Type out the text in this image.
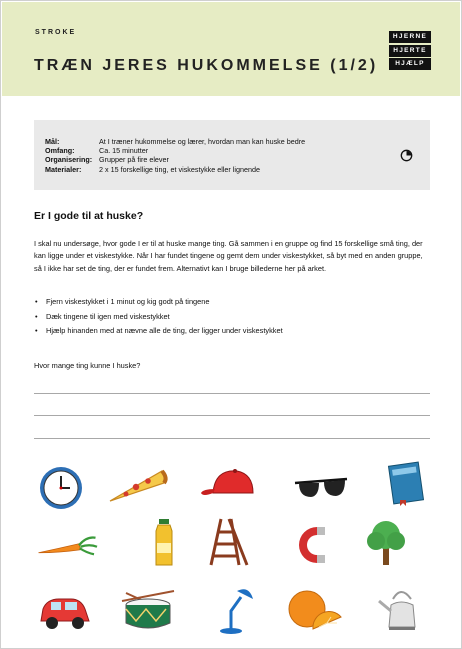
STROKE
TRÆN JERES HUKOMMELSE (1/2)
HJERNE
HJERTE
HJÆLP
Mål:	At I træner hukommelse og lærer, hvordan man kan huske bedre
Omfang:	Ca. 15 minutter
Organisering: Grupper på fire elever
Materialer: 2 x 15 forskellige ting, et viskestykke eller lignende
Er I gode til at huske?
I skal nu undersøge, hvor gode I er til at huske mange ting. Gå sammen i en gruppe og find 15 forskellige små ting, der kan ligge under et viskestykke. Når I har fundet tingene og gemt dem under viskestykket, så byt med en anden gruppe, så I ikke har set de ting, der er fundet frem. Alternativt kan I bruge billederne her på arket.
• Fjern viskestykket i 1 minut og kig godt på tingene
• Dæk tingene til igen med viskestykket
• Hjælp hinanden med at nævne alle de ting, der ligger under viskestykket
Hvor mange ting kunne I huske?
